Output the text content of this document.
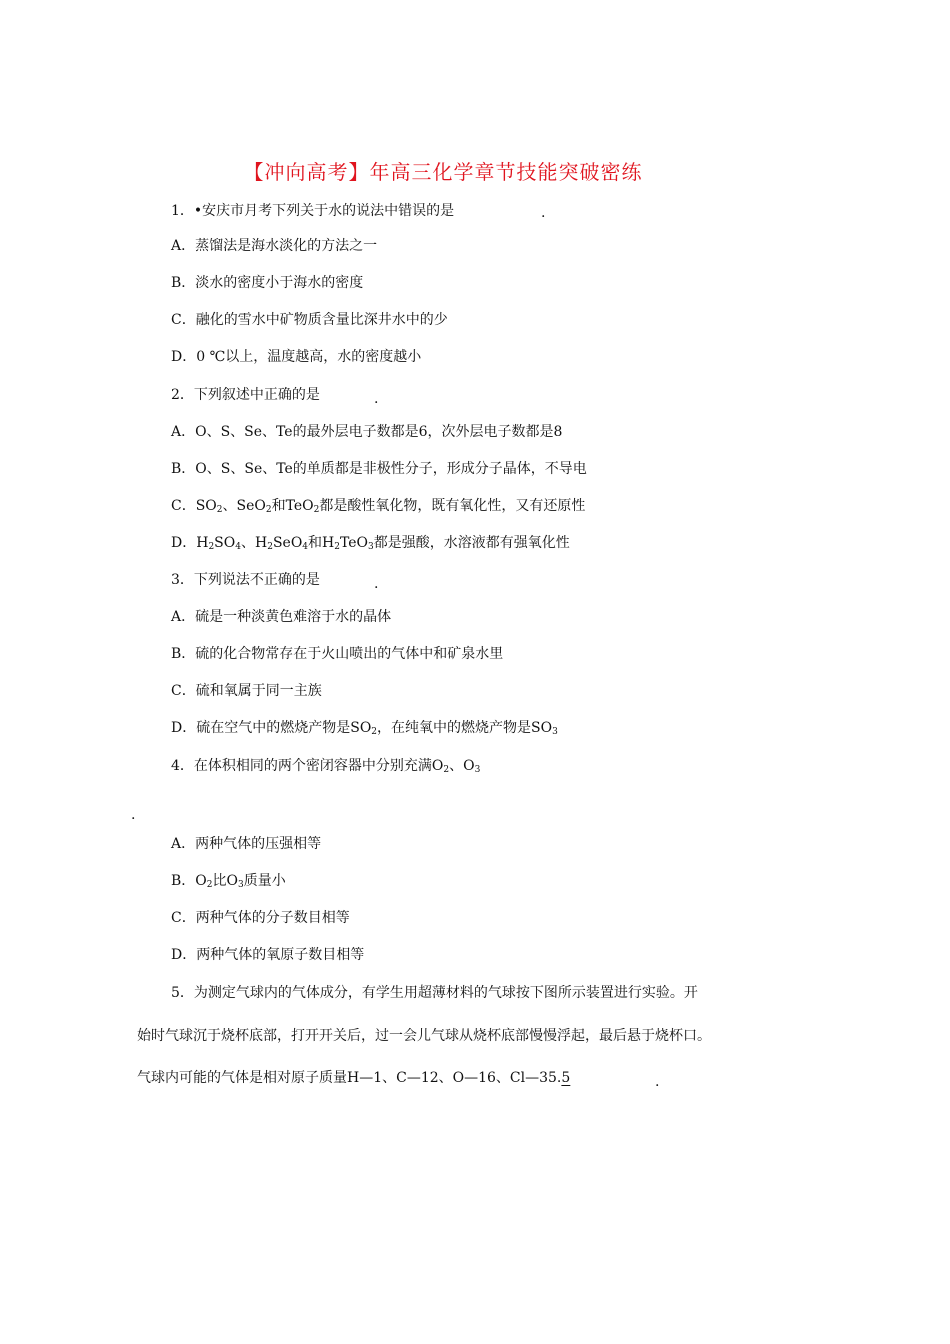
【冲向高考】年高三化学章节技能突破密练
1．•安庆市月考下列关于水的说法中错误的是	.
A．蒸馏法是海水淡化的方法之一
B．淡水的密度小于海水的密度
C．融化的雪水中矿物质含量比深井水中的少
D．0 ℃以上，温度越高，水的密度越小
2．下列叙述中正确的是	.
A．O、S、Se、Te的最外层电子数都是6，次外层电子数都是8
B．O、S、Se、Te的单质都是非极性分子，形成分子晶体，不导电
C．$SO_2$、SeO$_2$和TeO$_2$都是酸性氧化物，既有氧化性，又有还原性
D．$H_2SO_4$、$H_2SeO_4$和$H_2TeO_3$都是强酸，水溶液都有强氧化性
3．下列说法不正确的是	.
A．硫是一种淡黄色难溶于水的晶体
B．硫的化合物常存在于火山喷出的气体中和矿泉水里
C．硫和氧属于同一主族
D．硫在空气中的燃烧产物是$SO_2$，在纯氧中的燃烧产物是$SO_3$
4．在体积相同的两个密闭容器中分别充满$O_2$、$O_3$
.
A．两种气体的压强相等
B．$O_2$比$O_3$质量小
C．两种气体的分子数目相等
D．两种气体的氧原子数目相等
5．为测定气球内的气体成分，有学生用超薄材料的气球按下图所示装置进行实验。开
始时气球沉于烧杯底部，打开开关后，过一会儿气球从烧杯底部慢慢浮起，最后悬于烧杯口。
气球内可能的气体是相对原子质量H—1、C—12、O—16、Cl—35.5	.
